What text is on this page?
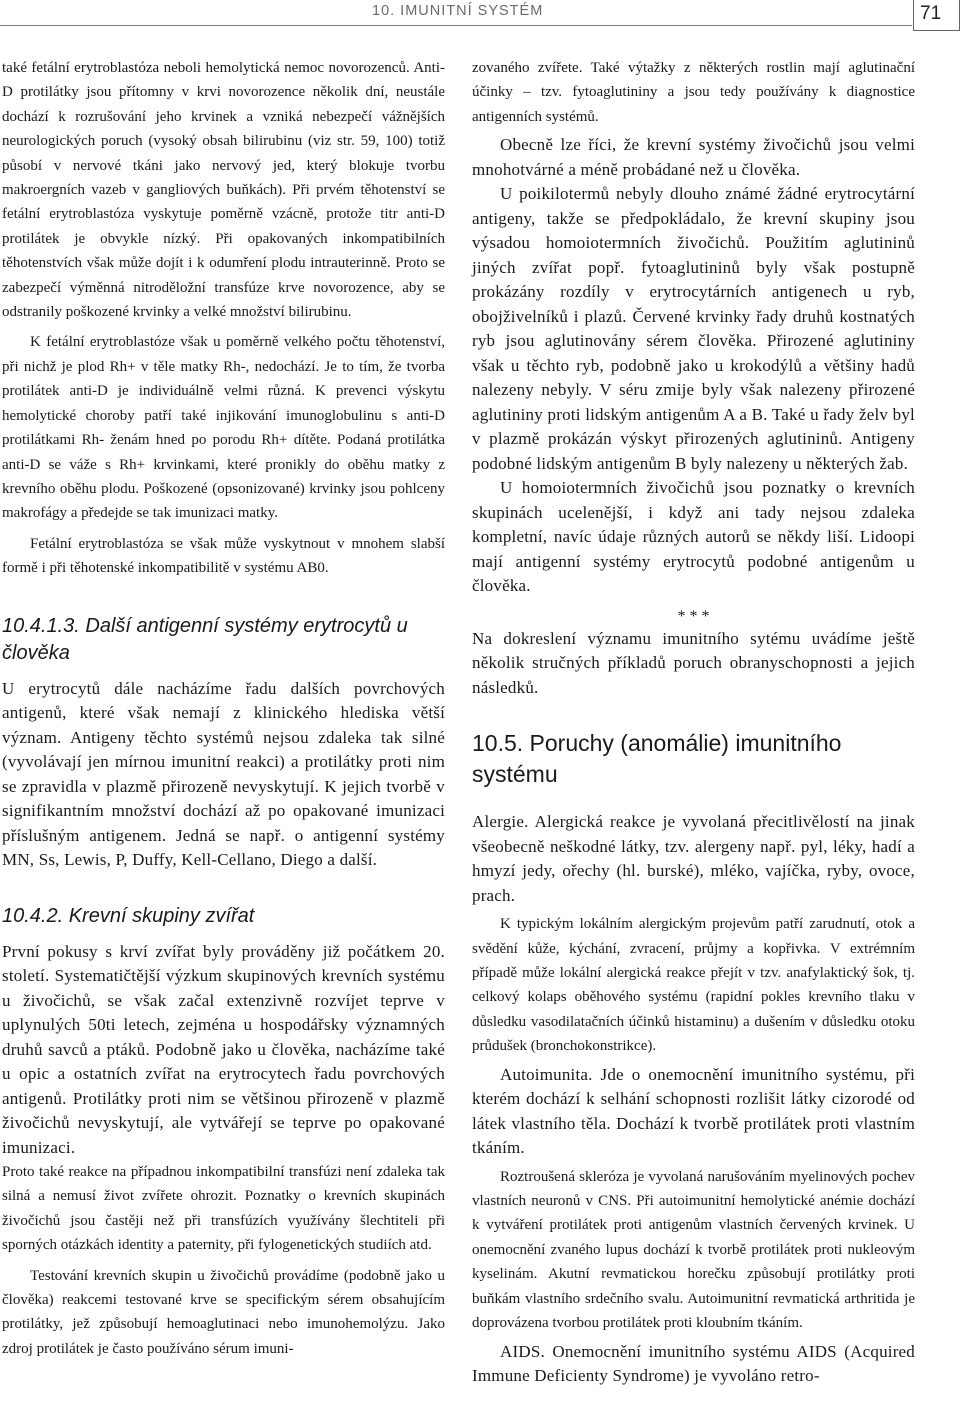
10. IMUNITNÍ SYSTÉM	71

také fetální erytroblastóza neboli hemolytická nemoc novorozenců. Anti-D protilátky jsou přítomny v krvi novorozence několik dní, neustále dochází k rozrušování jeho krvinek a vzniká nebezpečí vážnějších neurologických poruch (vysoký obsah bilirubinu (viz str. 59, 100) totiž působí v nervové tkáni jako nervový jed, který blokuje tvorbu makroergních vazeb v gangliových buňkách). Při prvém těhotenství se fetální erytroblastóza vyskytuje poměrně vzácně, protože titr anti-D protilátek je obvykle nízký. Při opakovaných inkompatibilních těhotenstvích však může dojít i k odumření plodu intrauterinně. Proto se zabezpečí výměnná nitroděložní transfúze krve novorozence, aby se odstranily poškozené krvinky a velké množství bilirubinu.

K fetální erytroblastóze však u poměrně velkého počtu těhotenství, při nichž je plod Rh+ v těle matky Rh-, nedochází. Je to tím, že tvorba protilátek anti-D je individuálně velmi různá. K prevenci výskytu hemolytické choroby patří také injikování imunoglobulinu s anti-D protilátkami Rh- ženám hned po porodu Rh+ dítěte. Podaná protilátka anti-D se váže s Rh+ krvinkami, které pronikly do oběhu matky z krevního oběhu plodu. Poškozené (opsonizované) krvinky jsou pohlceny makrofágy a předejde se tak imunizaci matky.

Fetální erytroblastóza se však může vyskytnout v mnohem slabší formě i při těhotenské inkompatibilitě v systému AB0.

10.4.1.3. Další antigenní systémy erytrocytů u člověka

U erytrocytů dále nacházíme řadu dalších povrchových antigenů, které však nemají z klinického hlediska větší význam. Antigeny těchto systémů nejsou zdaleka tak silné (vyvolávají jen mírnou imunitní reakci) a protilátky proti nim se zpravidla v plazmě přirozeně nevyskytují. K jejich tvorbě v signifikantním množství dochází až po opakované imunizaci příslušným antigenem. Jedná se např. o antigenní systémy MN, Ss, Lewis, P, Duffy, Kell-Cellano, Diego a další.

10.4.2. Krevní skupiny zvířat

První pokusy s krví zvířat byly prováděny již počátkem 20. století. Systematičtější výzkum skupinových krevních systému u živočichů, se však začal extenzivně rozvíjet teprve v uplynulých 50ti letech, zejména u hospodářsky významných druhů savců a ptáků. Podobně jako u člověka, nacházíme také u opic a ostatních zvířat na erytrocytech řadu povrchových antigenů. Protilátky proti nim se většinou přirozeně v plazmě živočichů nevyskytují, ale vytvářejí se teprve po opakované imunizaci.

Proto také reakce na případnou inkompatibilní transfúzi není zdaleka tak silná a nemusí život zvířete ohrozit. Poznatky o krevních skupinách živočichů jsou častěji než při transfúzích využívány šlechtiteli při sporných otázkách identity a paternity, při fylogenetických studiích atd.

Testování krevních skupin u živočichů provádíme (podobně jako u člověka) reakcemi testované krve se specifickým sérem obsahujícím protilátky, jež způsobují hemoaglutinaci nebo imunohemolýzu. Jako zdroj protilátek je často používáno sérum imuni-

zovaného zvířete. Také výtažky z některých rostlin mají aglutinační účinky – tzv. fytoaglutininy a jsou tedy používány k diagnostice antigenních systémů.

Obecně lze říci, že krevní systémy živočichů jsou velmi mnohotvárné a méně probádané než u člověka.

U poikilotermů nebyly dlouho známé žádné erytrocytární antigeny, takže se předpokládalo, že krevní skupiny jsou výsadou homoiotermních živočichů. Použitím aglutininů jiných zvířat popř. fytoaglutininů byly však postupně prokázány rozdíly v erytrocytárních antigenech u ryb, obojživelníků i plazů. Červené krvinky řady druhů kostnatých ryb jsou aglutinovány sérem člověka. Přirozené aglutininy však u těchto ryb, podobně jako u krokodýlů a většiny hadů nalezeny nebyly. V séru zmije byly však nalezeny přirozené aglutininy proti lidským antigenům A a B. Také u řady želv byl v plazmě prokázán výskyt přirozených aglutininů. Antigeny podobné lidským antigenům B byly nalezeny u některých žab.

U homoiotermních živočichů jsou poznatky o krevních skupinách ucelenější, i když ani tady nejsou zdaleka kompletní, navíc údaje různých autorů se někdy liší. Lidoopi mají antigenní systémy erytrocytů podobné antigenům u člověka.

* * *

Na dokreslení významu imunitního sytému uvádíme ještě několik stručných příkladů poruch obranyschopnosti a jejich následků.

10.5. Poruchy (anomálie) imunitního systému

Alergie. Alergická reakce je vyvolaná přecitlivělostí na jinak všeobecně neškodné látky, tzv. alergeny např. pyl, léky, hadí a hmyzí jedy, ořechy (hl. burské), mléko, vajíčka, ryby, ovoce, prach.

K typickým lokálním alergickým projevům patří zarudnutí, otok a svědění kůže, kýchání, zvracení, průjmy a kopřivka. V extrémním případě může lokální alergická reakce přejít v tzv. anafylaktický šok, tj. celkový kolaps oběhového systému (rapidní pokles krevního tlaku v důsledku vasodilatačních účinků histaminu) a dušením v důsledku otoku průdušek (bronchokonstrikce).

Autoimunita. Jde o onemocnění imunitního systému, při kterém dochází k selhání schopnosti rozlišit látky cizorodé od látek vlastního těla. Dochází k tvorbě protilátek proti vlastním tkáním.

Roztroušená skleróza je vyvolaná narušováním myelinových pochev vlastních neuronů v CNS. Při autoimunitní hemolytické anémie dochází k vytváření protilátek proti antigenům vlastních červených krvinek. U onemocnění zvaného lupus dochází k tvorbě protilátek proti nukleovým kyselinám. Akutní revmatickou horečku způsobují protilátky proti buňkám vlastního srdečního svalu. Autoimunitní revmatická arthritida je doprovázena tvorbou protilátek proti kloubním tkáním.

AIDS. Onemocnění imunitního systému AIDS (Acquired Immune Deficienty Syndrome) je vyvoláno retro-
